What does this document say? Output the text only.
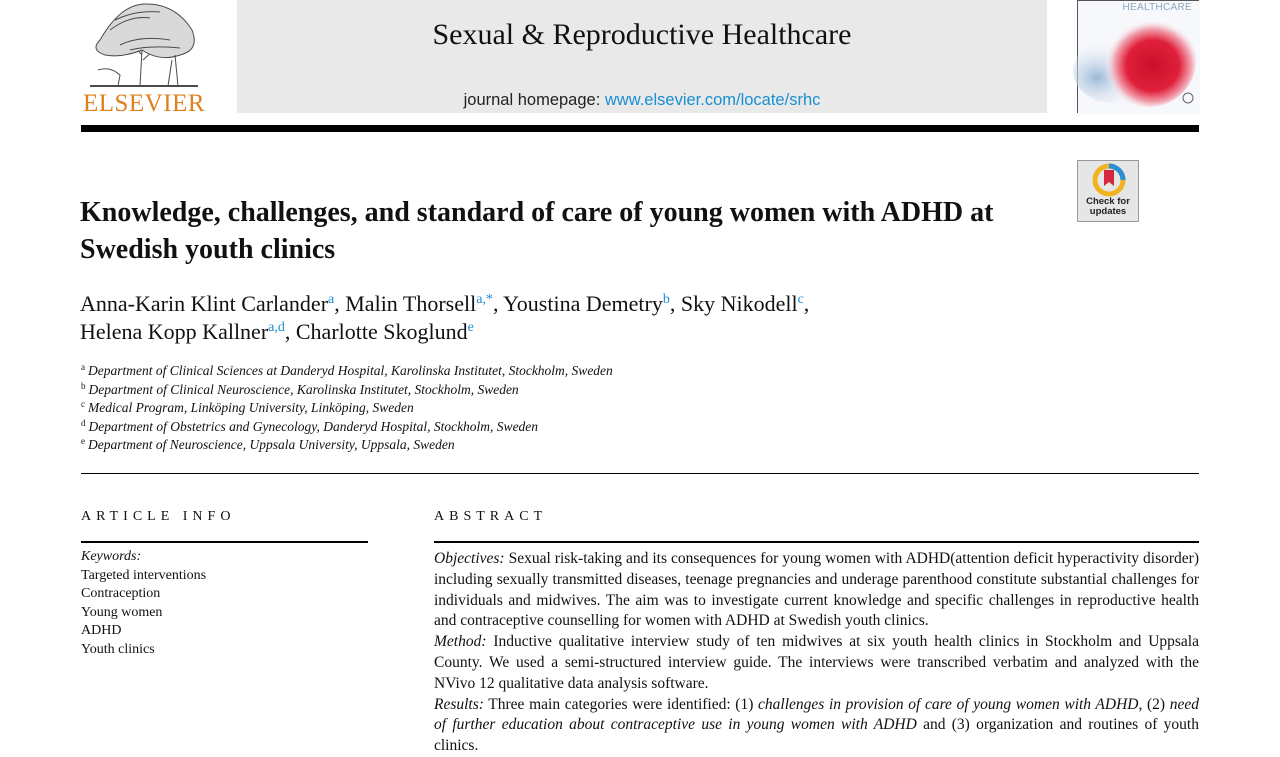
ELSEVIER
Sexual & Reproductive Healthcare
journal homepage: www.elsevier.com/locate/srhc
HEALTHCARE
Knowledge, challenges, and standard of care of young women with ADHD at Swedish youth clinics
Check for
updates
Anna-Karin Klint Carlander$^a$, Malin Thorsell$^{a,*}$, Youstina Demetry$^b$, Sky Nikodell$^c$,
Helena Kopp Kallner$^{a,d}$, Charlotte Skoglund$^e$
$^a$ Department of Clinical Sciences at Danderyd Hospital, Karolinska Institutet, Stockholm, Sweden
$^b$ Department of Clinical Neuroscience, Karolinska Institutet, Stockholm, Sweden
$^c$ Medical Program, Linköping University, Linköping, Sweden
$^d$ Department of Obstetrics and Gynecology, Danderyd Hospital, Stockholm, Sweden
$^e$ Department of Neuroscience, Uppsala University, Uppsala, Sweden
ARTICLE INFO
Keywords:
Targeted interventions
Contraception
Young women
ADHD
Youth clinics
ABSTRACT

Objectives: Sexual risk-taking and its consequences for young women with ADHD(attention deficit hyperactivity disorder) including sexually transmitted diseases, teenage pregnancies and underage parenthood constitute substantial challenges for individuals and midwives. The aim was to investigate current knowledge and specific challenges in reproductive health and contraceptive counselling for women with ADHD at Swedish youth clinics.

Method: Inductive qualitative interview study of ten midwives at six youth health clinics in Stockholm and Uppsala County. We used a semi-structured interview guide. The interviews were transcribed verbatim and analyzed with the NVivo 12 qualitative data analysis software.

Results: Three main categories were identified: (1) challenges in provision of care of young women with ADHD, (2) need of further education about contraceptive use in young women with ADHD and (3) organization and routines of youth clinics.
